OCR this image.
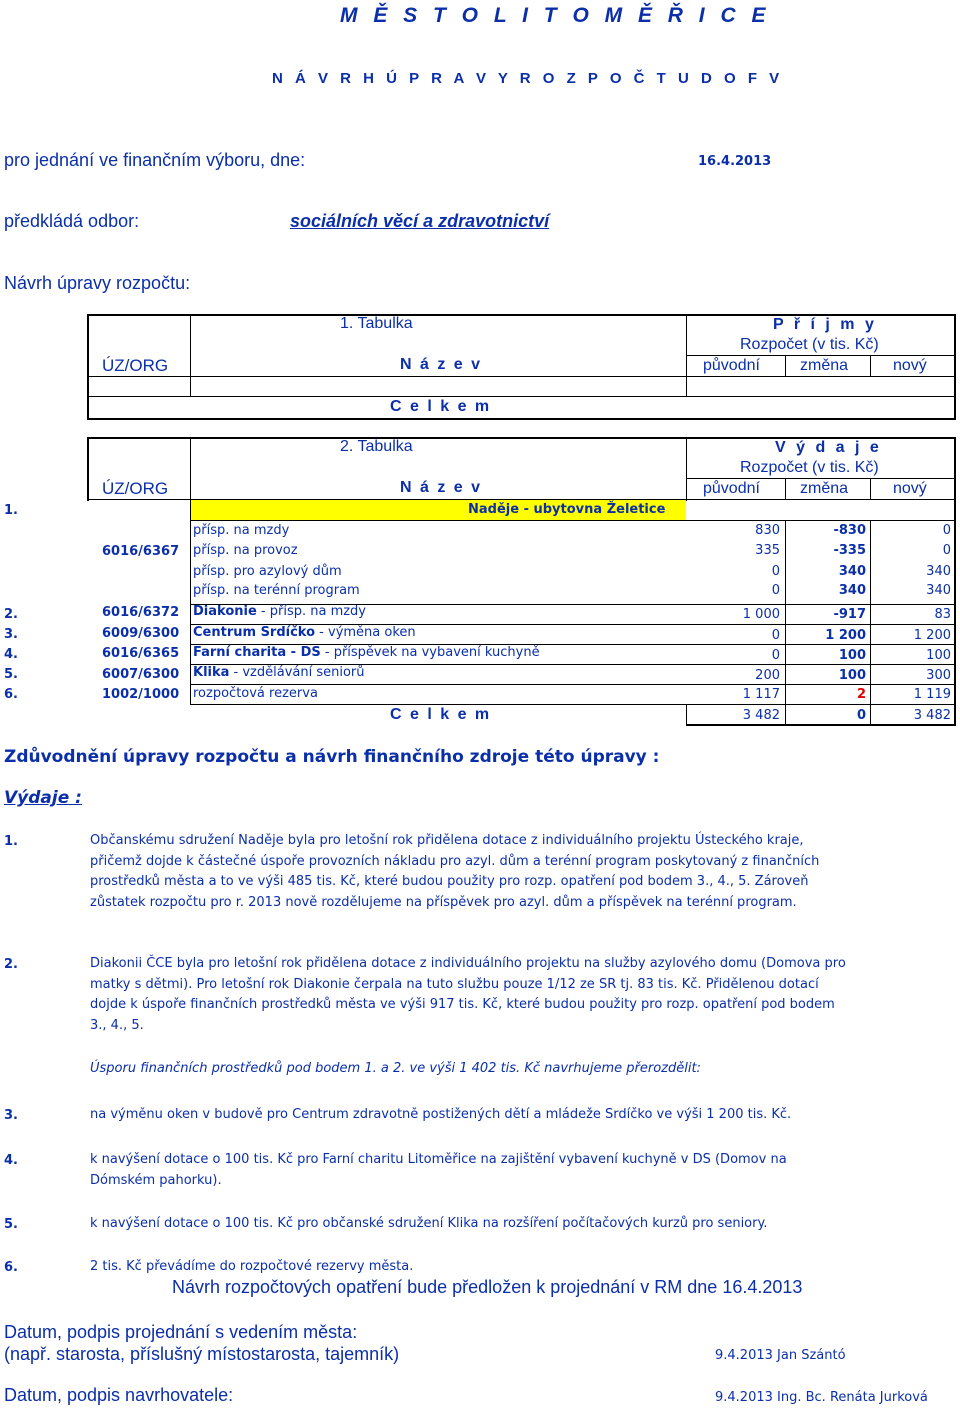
M Ě S T O L I T O M Ě Ř I C E
N Á V R H Ú P R A V Y R O Z P O Č T U D O F V
pro jednání ve finančním výboru, dne:	16.4.2013
předkládá odbor:	sociálních věcí a zdravotnictví
Návrh úpravy rozpočtu:
1. Tabulka	P ř í j m y
Rozpočet (v tis. Kč)
ÚZ/ORG	N á z e v	původní	změna	nový
C e l k e m
2. Tabulka	V ý d a j e
Rozpočet (v tis. Kč)
ÚZ/ORG	N á z e v	původní	změna	nový
1.	Naděje - ubytovna Želetice
6016/6367
přísp. na mzdy	830	-830	0
přísp. na provoz	335	-335	0
přísp. pro azylový dům	0	340	340
přísp. na terénní program	0	340	340
2.	6016/6372 Diakonie - přísp. na mzdy	1 000	-917	83
3.	6009/6300 Centrum Srdíčko - výměna oken	0	1 200	1 200
4.	6016/6365 Farní charita - DS - příspěvek na vybavení kuchyně	0	100	100
5.	6007/6300 Klika - vzdělávání seniorů	200	100	300
6.	1002/1000 rozpočtová rezerva	1 117	2	1 119
C e l k e m	3 482	0	3 482
Zdůvodnění úpravy rozpočtu a návrh finančního zdroje této úpravy :
Výdaje :
1.	Občanskému sdružení Naděje byla pro letošní rok přidělena dotace z individuálního projektu Ústeckého kraje, přičemž dojde k částečné úspoře provozních nákladu pro azyl. dům a terénní program poskytovaný z finančních prostředků města a to ve výši 485 tis. Kč, které budou použity pro rozp. opatření pod bodem 3., 4., 5. Zároveň zůstatek rozpočtu pro r. 2013 nově rozdělujeme na příspěvek pro azyl. dům a příspěvek na terénní program.
2.	Diakonii ČCE byla pro letošní rok přidělena dotace z individuálního projektu na služby azylového domu (Domova pro matky s dětmi). Pro letošní rok Diakonie čerpala na tuto službu pouze 1/12 ze SR tj. 83 tis. Kč. Přidělenou dotací dojde k úspoře finančních prostředků města ve výši 917 tis. Kč, které budou použity pro rozp. opatření pod bodem 3., 4., 5.
Úsporu finančních prostředků pod bodem 1. a 2. ve výši 1 402 tis. Kč navrhujeme přerozdělit:
3.	na výměnu oken v budově pro Centrum zdravotně postižených dětí a mládeže Srdíčko ve výši 1 200 tis. Kč.
4.	k navýšení dotace o 100 tis. Kč pro Farní charitu Litoměřice na zajištění vybavení kuchyně v DS (Domov na Dómském pahorku).
5.	k navýšení dotace o 100 tis. Kč pro občanské sdružení Klika na rozšíření počítačových kurzů pro seniory.
6.	2 tis. Kč převádíme do rozpočtové rezervy města.
Návrh rozpočtových opatření bude předložen k projednání v RM dne 16.4.2013
Datum, podpis projednání s vedením města:
(např. starosta, příslušný místostarosta, tajemník)	9.4.2013 Jan Szántó
Datum, podpis navrhovatele:	9.4.2013 Ing. Bc. Renáta Jurková
